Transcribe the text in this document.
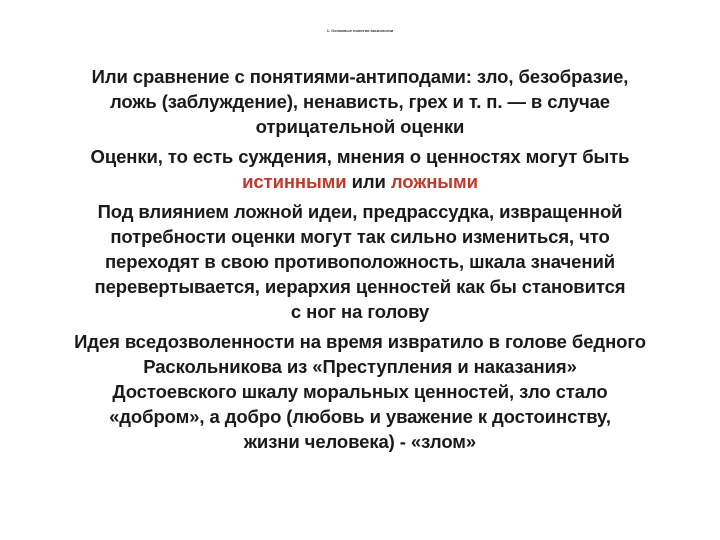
1. Основные понятия аксиологии

Или сравнение с понятиями-антиподами: зло, безобразие,
ложь (заблуждение), ненависть, грех и т. п. — в случае
отрицательной оценки

Оценки, то есть суждения, мнения о ценностях могут быть
истинными или ложными

Под влиянием ложной идеи, предрассудка, извращенной
потребности оценки могут так сильно измениться, что
переходят в свою противоположность, шкала значений
перевертывается, иерархия ценностей как бы становится
с ног на голову

Идея вседозволенности на время извратило в голове бедного
Раскольникова из «Преступления и наказания»
Достоевского шкалу моральных ценностей, зло стало
«добром», а добро (любовь и уважение к достоинству,
жизни человека) - «злом»
